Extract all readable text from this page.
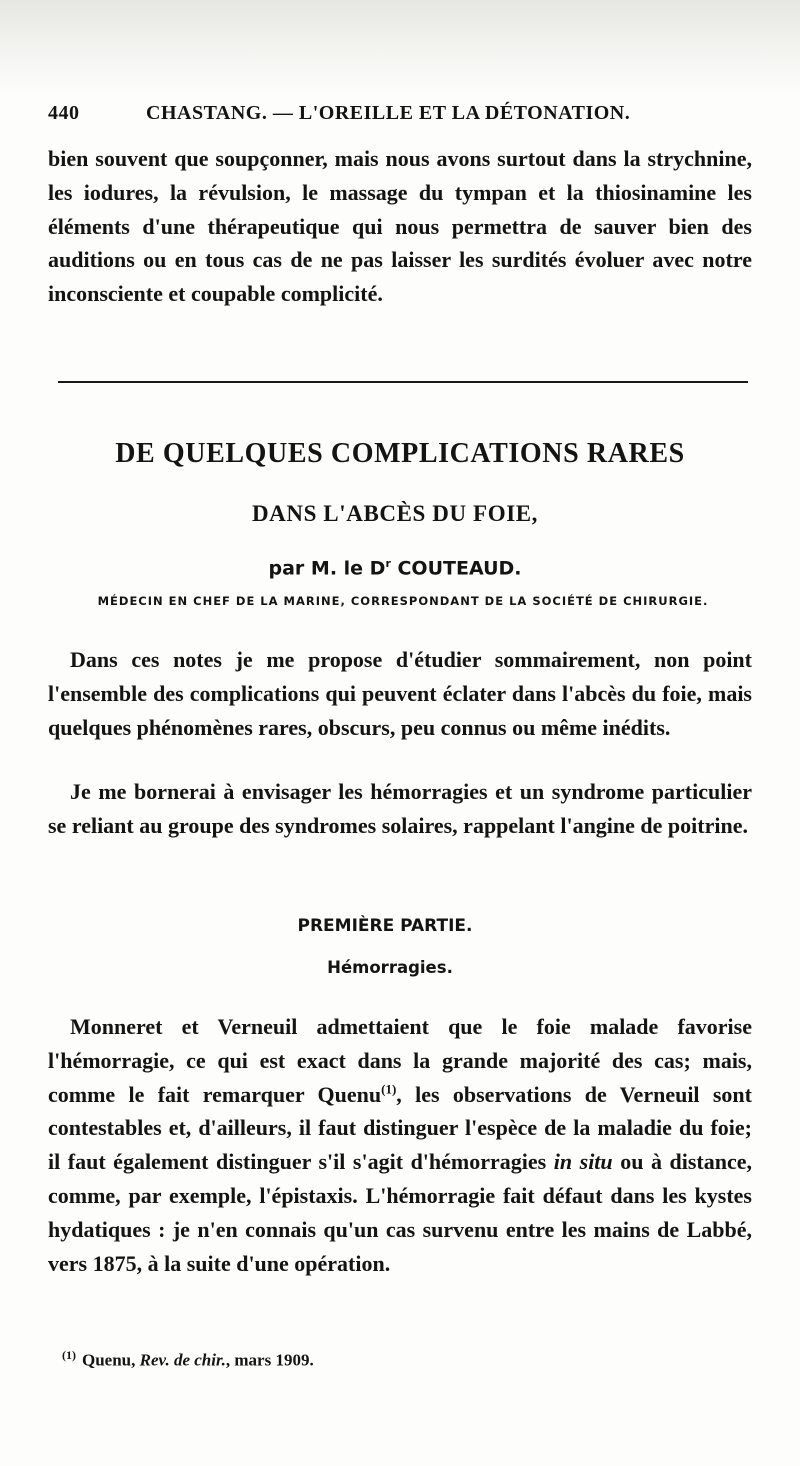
440	CHASTANG. — L'OREILLE ET LA DÉTONATION.

bien souvent que soupçonner, mais nous avons surtout dans la strychnine, les iodures, la révulsion, le massage du tympan et la thiosinamine les éléments d'une thérapeutique qui nous permettra de sauver bien des auditions ou en tous cas de ne pas laisser les surdités évoluer avec notre inconsciente et coupable complicité.

DE QUELQUES COMPLICATIONS RARES
DANS L'ABCÈS DU FOIE,
par M. le $D^r$ COUTEAUD.
MÉDECIN EN CHEF DE LA MARINE, CORRESPONDANT DE LA SOCIÉTÉ DE CHIRURGIE.

Dans ces notes je me propose d'étudier sommairement, non point l'ensemble des complications qui peuvent éclater dans l'abcès du foie, mais quelques phénomènes rares, obscurs, peu connus ou même inédits.

Je me bornerai à envisager les hémorragies et un syndrome particulier se reliant au groupe des syndromes solaires, rappelant l'angine de poitrine.

PREMIÈRE PARTIE.
Hémorragies.

Monneret et Verneuil admettaient que le foie malade favorise l'hémorragie, ce qui est exact dans la grande majorité des cas; mais, comme le fait remarquer Quenu$^{(1)}$, les observations de Verneuil sont contestables et, d'ailleurs, il faut distinguer l'espèce de la maladie du foie; il faut également distinguer s'il s'agit d'hémorragies in situ ou à distance, comme, par exemple, l'épistaxis. L'hémorragie fait défaut dans les kystes hydatiques : je n'en connais qu'un cas survenu entre les mains de Labbé, vers 1875, à la suite d'une opération.

$^{(1)}$ Quenu, Rev. de chir., mars 1909.
